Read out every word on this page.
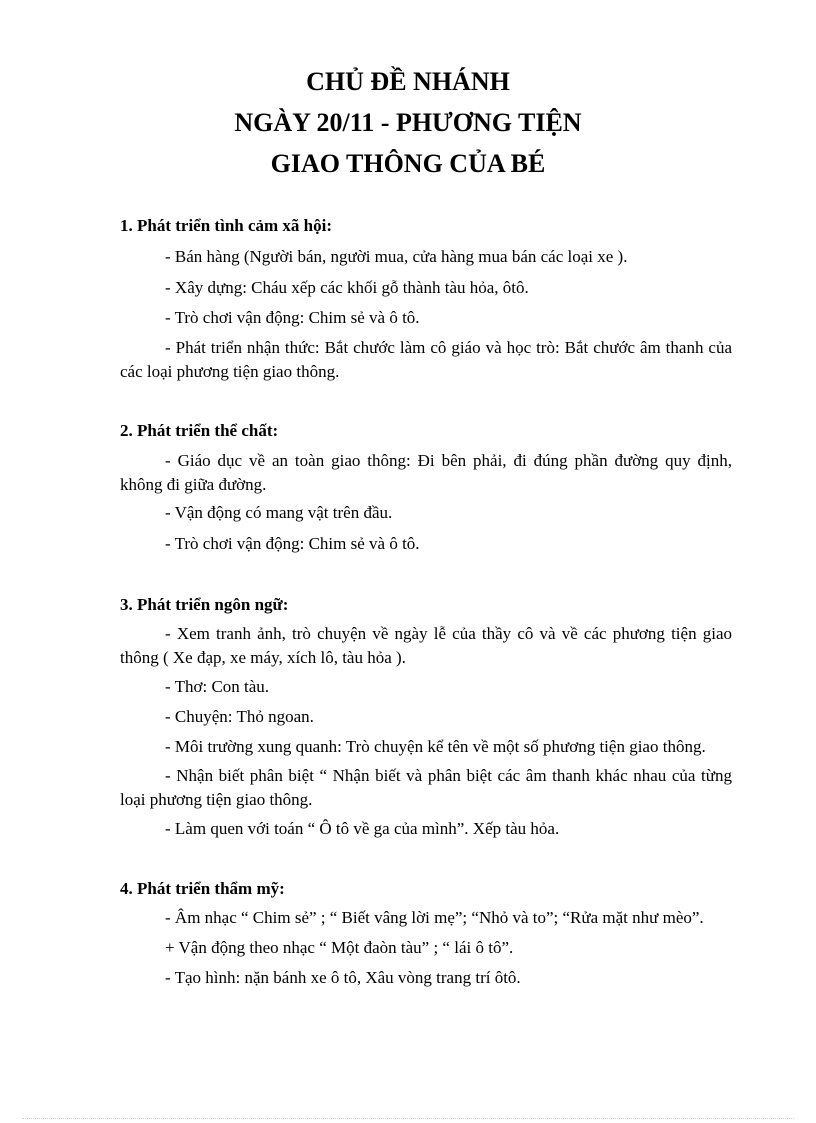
CHỦ ĐỀ NHÁNH
NGÀY 20/11 - PHƯƠNG TIỆN
GIAO THÔNG CỦA BÉ
1. Phát triển tình cảm xã hội:
- Bán hàng (Người bán, người mua, cửa hàng mua bán các loại xe ).
- Xây dựng: Cháu xếp các khối gỗ thành tàu hỏa, ôtô.
- Trò chơi vận động: Chim sẻ và ô tô.
- Phát triển nhận thức: Bắt chước làm cô giáo và học trò: Bắt chước âm thanh của các loại phương tiện giao thông.
2. Phát triển thể chất:
- Giáo dục về an toàn giao thông: Đi bên phải, đi đúng phần đường quy định, không đi giữa đường.
- Vận động có mang vật trên đầu.
- Trò chơi vận động: Chim sẻ và ô tô.
3. Phát triển ngôn ngữ:
- Xem tranh ảnh, trò chuyện về ngày lễ của thầy cô và về các phương tiện giao thông ( Xe đạp, xe máy, xích lô, tàu hỏa ).
- Thơ: Con tàu.
- Chuyện: Thỏ ngoan.
- Môi trường xung quanh: Trò chuyện kể tên về một số phương tiện giao thông.
- Nhận biết phân biệt “ Nhận biết và phân biệt các âm thanh khác nhau của từng loại phương tiện giao thông.
- Làm quen với toán “ Ô tô về ga của mình”. Xếp tàu hỏa.
4. Phát triển thẩm mỹ:
- Âm nhạc “ Chim sẻ” ; “ Biết vâng lời mẹ”; “Nhỏ và to”; “Rửa mặt như mèo”.
+ Vận động theo nhạc “ Một đaòn tàu” ; “ lái ô tô”.
- Tạo hình: nặn bánh xe ô tô, Xâu vòng trang trí ôtô.
